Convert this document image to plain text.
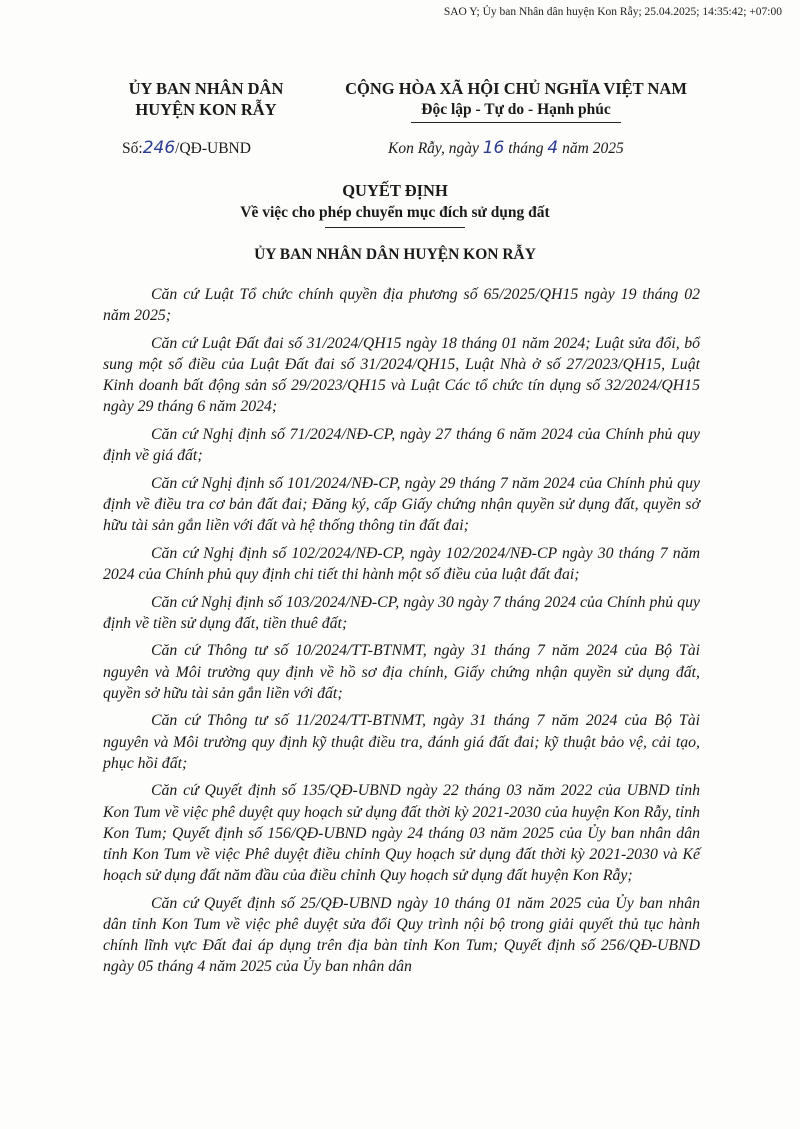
SAO Y; Ủy ban Nhân dân huyện Kon Rẫy; 25.04.2025; 14:35:42; +07:00
ỦY BAN NHÂN DÂN
HUYỆN KON RẪY
CỘNG HÒA XÃ HỘI CHỦ NGHĨA VIỆT NAM
Độc lập - Tự do - Hạnh phúc
Số:246/QĐ-UBND	Kon Rẫy, ngày 16 tháng 4 năm 2025
QUYẾT ĐỊNH
Về việc cho phép chuyển mục đích sử dụng đất
ỦY BAN NHÂN DÂN HUYỆN KON RẪY

Căn cứ Luật Tổ chức chính quyền địa phương số 65/2025/QH15 ngày 19 tháng 02 năm 2025;

Căn cứ Luật Đất đai số 31/2024/QH15 ngày 18 tháng 01 năm 2024; Luật sửa đổi, bổ sung một số điều của Luật Đất đai số 31/2024/QH15, Luật Nhà ở số 27/2023/QH15, Luật Kinh doanh bất động sản số 29/2023/QH15 và Luật Các tổ chức tín dụng số 32/2024/QH15 ngày 29 tháng 6 năm 2024;

Căn cứ Nghị định số 71/2024/NĐ-CP, ngày 27 tháng 6 năm 2024 của Chính phủ quy định về giá đất;

Căn cứ Nghị định số 101/2024/NĐ-CP, ngày 29 tháng 7 năm 2024 của Chính phủ quy định về điều tra cơ bản đất đai; Đăng ký, cấp Giấy chứng nhận quyền sử dụng đất, quyền sở hữu tài sản gắn liền với đất và hệ thống thông tin đất đai;

Căn cứ Nghị định số 102/2024/NĐ-CP, ngày 102/2024/NĐ-CP ngày 30 tháng 7 năm 2024 của Chính phủ quy định chi tiết thi hành một số điều của luật đất đai;

Căn cứ Nghị định số 103/2024/NĐ-CP, ngày 30 ngày 7 tháng 2024 của Chính phủ quy định về tiền sử dụng đất, tiền thuê đất;

Căn cứ Thông tư số 10/2024/TT-BTNMT, ngày 31 tháng 7 năm 2024 của Bộ Tài nguyên và Môi trường quy định về hồ sơ địa chính, Giấy chứng nhận quyền sử dụng đất, quyền sở hữu tài sản gắn liền với đất;

Căn cứ Thông tư số 11/2024/TT-BTNMT, ngày 31 tháng 7 năm 2024 của Bộ Tài nguyên và Môi trường quy định kỹ thuật điều tra, đánh giá đất đai; kỹ thuật bảo vệ, cải tạo, phục hồi đất;

Căn cứ Quyết định số 135/QĐ-UBND ngày 22 tháng 03 năm 2022 của UBND tỉnh Kon Tum về việc phê duyệt quy hoạch sử dụng đất thời kỳ 2021-2030 của huyện Kon Rẫy, tỉnh Kon Tum; Quyết định số 156/QĐ-UBND ngày 24 tháng 03 năm 2025 của Ủy ban nhân dân tỉnh Kon Tum về việc Phê duyệt điều chỉnh Quy hoạch sử dụng đất thời kỳ 2021-2030 và Kế hoạch sử dụng đất năm đầu của điều chỉnh Quy hoạch sử dụng đất huyện Kon Rẫy;

Căn cứ Quyết định số 25/QĐ-UBND ngày 10 tháng 01 năm 2025 của Ủy ban nhân dân tỉnh Kon Tum về việc phê duyệt sửa đổi Quy trình nội bộ trong giải quyết thủ tục hành chính lĩnh vực Đất đai áp dụng trên địa bàn tỉnh Kon Tum; Quyết định số 256/QĐ-UBND ngày 05 tháng 4 năm 2025 của Ủy ban nhân dân
